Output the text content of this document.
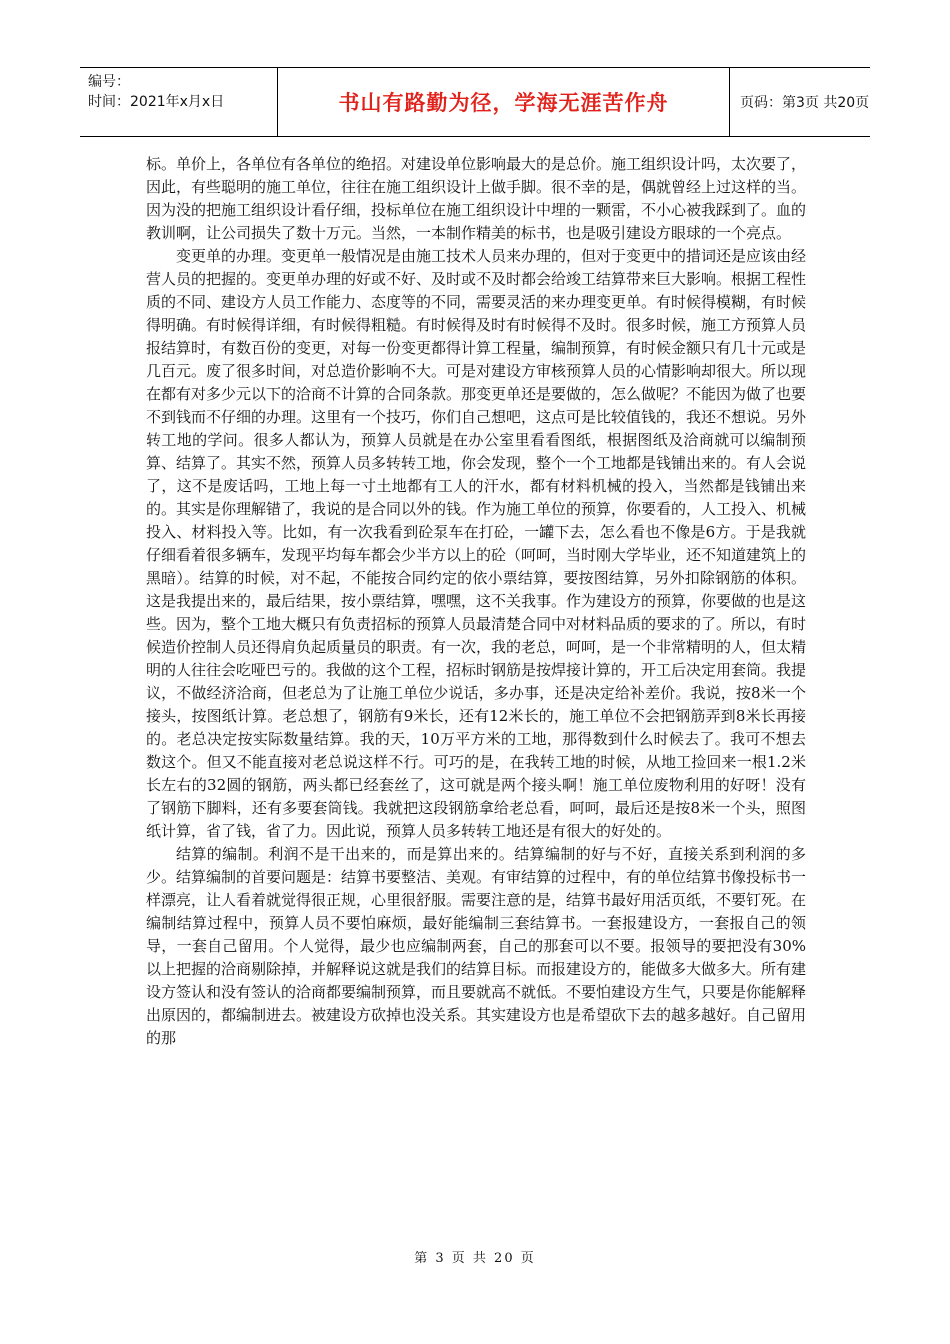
编号：
时间：2021年x月x日	书山有路勤为径，学海无涯苦作舟	页码：第3页 共20页

标。单价上，各单位有各单位的绝招。对建设单位影响最大的是总价。施工组织设计吗，太次要了，因此，有些聪明的施工单位，往往在施工组织设计上做手脚。很不幸的是，偶就曾经上过这样的当。因为没的把施工组织设计看仔细，投标单位在施工组织设计中埋的一颗雷，不小心被我踩到了。血的教训啊，让公司损失了数十万元。当然，一本制作精美的标书，也是吸引建设方眼球的一个亮点。

变更单的办理。变更单一般情况是由施工技术人员来办理的，但对于变更中的措词还是应该由经营人员的把握的。变更单办理的好或不好、及时或不及时都会给竣工结算带来巨大影响。根据工程性质的不同、建设方人员工作能力、态度等的不同，需要灵活的来办理变更单。有时候得模糊，有时候得明确。有时候得详细，有时候得粗糙。有时候得及时有时候得不及时。很多时候，施工方预算人员报结算时，有数百份的变更，对每一份变更都得计算工程量，编制预算，有时候金额只有几十元或是几百元。废了很多时间，对总造价影响不大。可是对建设方审核预算人员的心情影响却很大。所以现在都有对多少元以下的洽商不计算的合同条款。那变更单还是要做的，怎么做呢？不能因为做了也要不到钱而不仔细的办理。这里有一个技巧，你们自己想吧，这点可是比较值钱的，我还不想说。另外转工地的学问。很多人都认为，预算人员就是在办公室里看看图纸，根据图纸及洽商就可以编制预算、结算了。其实不然，预算人员多转转工地，你会发现，整个一个工地都是钱铺出来的。有人会说了，这不是废话吗，工地上每一寸土地都有工人的汗水，都有材料机械的投入，当然都是钱铺出来的。其实是你理解错了，我说的是合同以外的钱。作为施工单位的预算，你要看的，人工投入、机械投入、材料投入等。比如，有一次我看到砼泵车在打砼，一罐下去，怎么看也不像是6方。于是我就仔细看着很多辆车，发现平均每车都会少半方以上的砼（呵呵，当时刚大学毕业，还不知道建筑上的黑暗）。结算的时候，对不起，不能按合同约定的依小票结算，要按图结算，另外扣除钢筋的体积。这是我提出来的，最后结果，按小票结算，嘿嘿，这不关我事。作为建设方的预算，你要做的也是这些。因为，整个工地大概只有负责招标的预算人员最清楚合同中对材料品质的要求的了。所以，有时候造价控制人员还得肩负起质量员的职责。有一次，我的老总，呵呵，是一个非常精明的人，但太精明的人往往会吃哑巴亏的。我做的这个工程，招标时钢筋是按焊接计算的，开工后决定用套筒。我提议，不做经济洽商，但老总为了让施工单位少说话，多办事，还是决定给补差价。我说，按8米一个接头，按图纸计算。老总想了，钢筋有9米长，还有12米长的，施工单位不会把钢筋弄到8米长再接的。老总决定按实际数量结算。我的天，10万平方米的工地，那得数到什么时候去了。我可不想去数这个。但又不能直接对老总说这样不行。可巧的是，在我转工地的时候，从地工捡回来一根1.2米长左右的32圆的钢筋，两头都已经套丝了，这可就是两个接头啊！施工单位废物利用的好呀！没有了钢筋下脚料，还有多要套筒钱。我就把这段钢筋拿给老总看，呵呵，最后还是按8米一个头，照图纸计算，省了钱，省了力。因此说，预算人员多转转工地还是有很大的好处的。

结算的编制。利润不是干出来的，而是算出来的。结算编制的好与不好，直接关系到利润的多少。结算编制的首要问题是：结算书要整洁、美观。有审结算的过程中，有的单位结算书像投标书一样漂亮，让人看着就觉得很正规，心里很舒服。需要注意的是，结算书最好用活页纸，不要钉死。在编制结算过程中，预算人员不要怕麻烦，最好能编制三套结算书。一套报建设方，一套报自己的领导，一套自己留用。个人觉得，最少也应编制两套，自己的那套可以不要。报领导的要把没有30%以上把握的洽商剔除掉，并解释说这就是我们的结算目标。而报建设方的，能做多大做多大。所有建设方签认和没有签认的洽商都要编制预算，而且要就高不就低。不要怕建设方生气，只要是你能解释出原因的，都编制进去。被建设方砍掉也没关系。其实建设方也是希望砍下去的越多越好。自己留用的那

第 3 页 共 20 页
